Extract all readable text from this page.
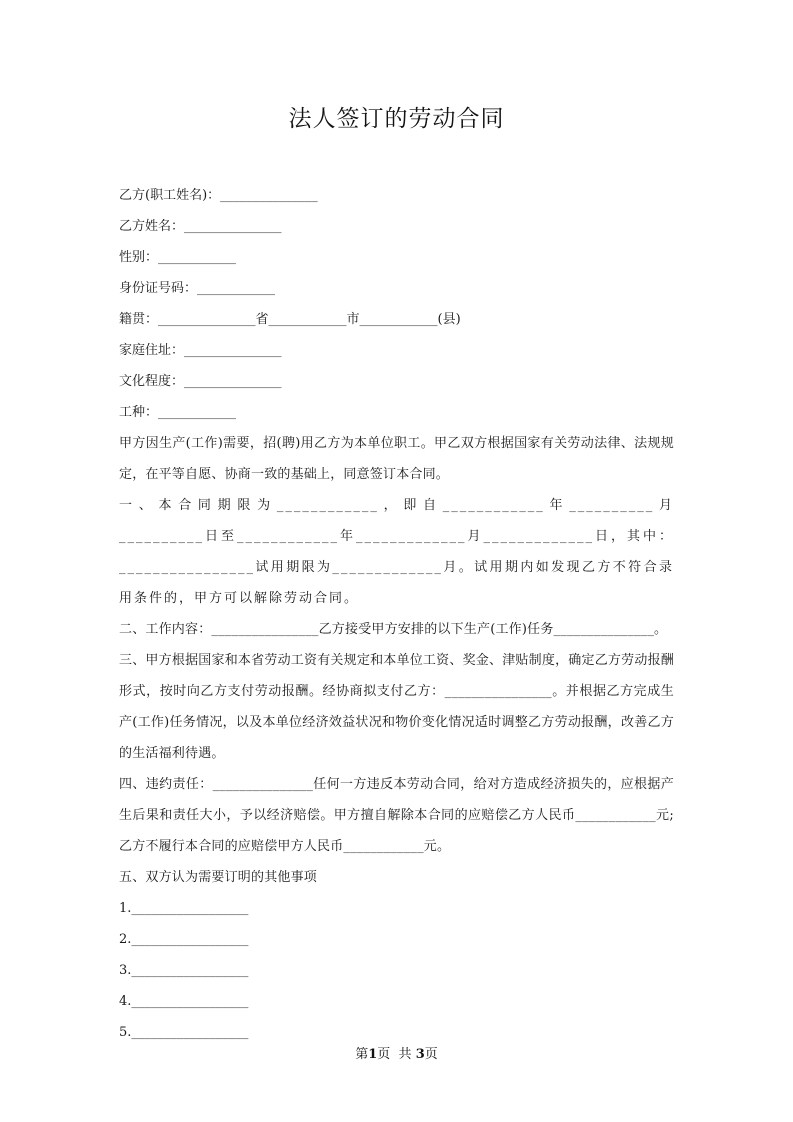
法人签订的劳动合同

乙方(职工姓名)：_______________

乙方姓名：_______________

性别：____________

身份证号码：____________

籍贯：_______________省____________市____________(县)

家庭住址：_______________

文化程度：_______________

工种：____________

甲方因生产(工作)需要，招(聘)用乙方为本单位职工。甲乙双方根据国家有关劳动法律、法规规定，在平等自愿、协商一致的基础上，同意签订本合同。

一、本合同期限为____________，即自____________年__________月__________日至____________年_____________月_____________日，其中：________________试用期限为_____________月。试用期内如发现乙方不符合录用条件的，甲方可以解除劳动合同。

二、工作内容：________________乙方接受甲方安排的以下生产(工作)任务_______________。

三、甲方根据国家和本省劳动工资有关规定和本单位工资、奖金、津贴制度，确定乙方劳动报酬形式，按时向乙方支付劳动报酬。经协商拟支付乙方：________________。并根据乙方完成生产(工作)任务情况，以及本单位经济效益状况和物价变化情况适时调整乙方劳动报酬，改善乙方的生活福利待遇。

四、违约责任：_______________任何一方违反本劳动合同，给对方造成经济损失的，应根据产生后果和责任大小，予以经济赔偿。甲方擅自解除本合同的应赔偿乙方人民币____________元;乙方不履行本合同的应赔偿甲方人民币____________元。

五、双方认为需要订明的其他事项

1.__________________

2.__________________

3.__________________

4.__________________

5.__________________

第1页  共 3页
